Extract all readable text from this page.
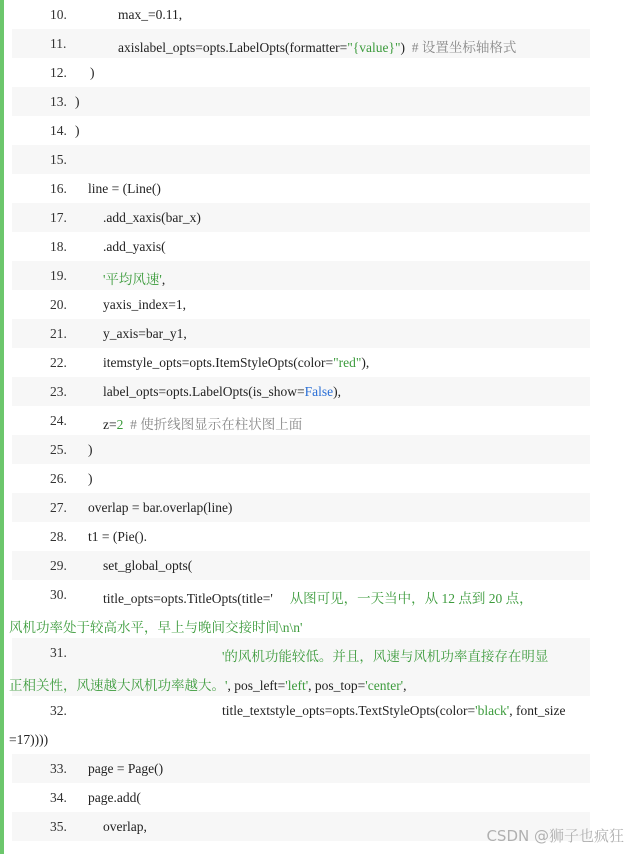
10.	max_=0.11,
11.	axislabel_opts=opts.LabelOpts(formatter="{value}")  # 设置坐标轴格式
12.	)
13. )
14. )
15.
16.	line = (Line()
17.	.add_xaxis(bar_x)
18.	.add_yaxis(
19.	'平均风速',
20.	yaxis_index=1,
21.	y_axis=bar_y1,
22.	itemstyle_opts=opts.ItemStyleOpts(color="red"),
23.	label_opts=opts.LabelOpts(is_show=False),
24.	z=2 # 使折线图显示在柱状图上面
25.	)
26.	)
27.	overlap = bar.overlap(line)
28.	t1 = (Pie().
29.	set_global_opts(
30.	title_opts=opts.TitleOpts(title='     从图可见，一天当中，从 12 点到 20 点，
风机功率处于较高水平，早上与晚间交接时间\n\n'
31.	'的风机功能较低。并且，风速与风机功率直接存在明显
正相关性，风速越大风机功率越大。', pos_left='left', pos_top='center',
32.	title_textstyle_opts=opts.TextStyleOpts(color='black', font_size
=17))))
33.	page = Page()
34.	page.add(
35.	overlap,
CSDN @狮子也疯狂
